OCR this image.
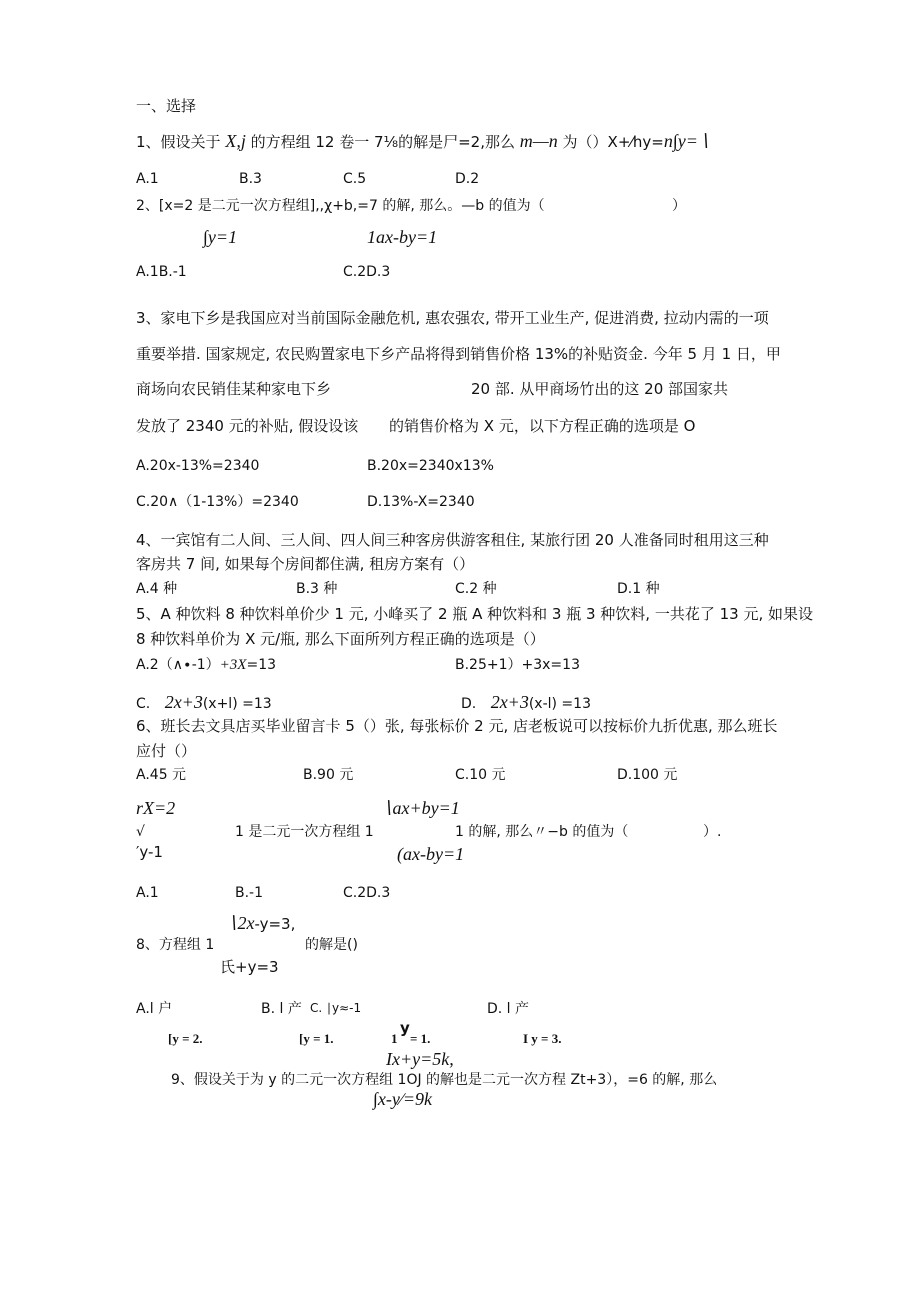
一、选择
1、假设关于 X,j 的方程组 12 卷一 7⅛的解是尸=2,那么 m—n 为（）X+⁄hy=n∫y=∖
A.1	B.3	C.5	D.2
2、[x=2 是二元一次方程组],,χ+b,=7 的解, 那么。—b 的值为（	）
∫y=1	1ax-by=1
A.1B.-1	C.2D.3
3、家电下乡是我国应对当前国际金融危机, 惠农强农, 带开工业生产, 促进消费, 拉动内需的一项
重要举措. 国家规定, 农民购置家电下乡产品将得到销售价格 13%的补贴资金. 今年 5 月 1 日，甲
商场向农民销佳某种家电下乡	20 部. 从甲商场竹出的这 20 部国家共
发放了 2340 元的补贴, 假设设该 的销售价格为 X 元，以下方程正确的选项是 O
A.20x-13%=2340	B.20x=2340x13%
C.20∧（1-13%）=2340	D.13%-X=2340
4、一宾馆有二人间、三人间、四人间三种客房供游客租住, 某旅行团 20 人准备同时租用这三种
客房共 7 间, 如果每个房间都住满, 租房方案有（）
A.4 种	B.3 种	C.2 种	D.1 种
5、A 种饮料 8 种饮料单价少 1 元, 小峰买了 2 瓶 A 种饮料和 3 瓶 3 种饮料, 一共花了 13 元, 如果设
8 种饮料单价为 X 元/瓶, 那么下面所列方程正确的选项是（）
A.2（∧∙-1）+3X=13	B.25+1）+3x=13
C. 2x+3(x+l) =13	D. 2x+3(x-l) =13
6、班长去文具店买毕业留言卡 5（）张, 每张标价 2 元, 店老板说可以按标价九折优惠, 那么班长
应付（）
A.45 元	B.90 元	C.10 元	D.100 元
rX=2	∖ax+by=1
√	1 是二元一次方程组 1	1 的解, 那么〃−b 的值为（	）.
′y-1	(ax-by=1
A.1	B.-1	C.2D.3
∖2x-y=3,
8、方程组 1	的解是()
氏+y=3
A.l 户	B. l 产 C. ∣y≈-1	D. l 产
[y = 2.	[y = 1.	1
y
= 1.	I y = 3.
Ix+y=5k,
9、假设关于为 y 的二元一次方程组 1OJ 的解也是二元一次方程 Zt+3），=6 的解, 那么
∫x-y∕=9k
